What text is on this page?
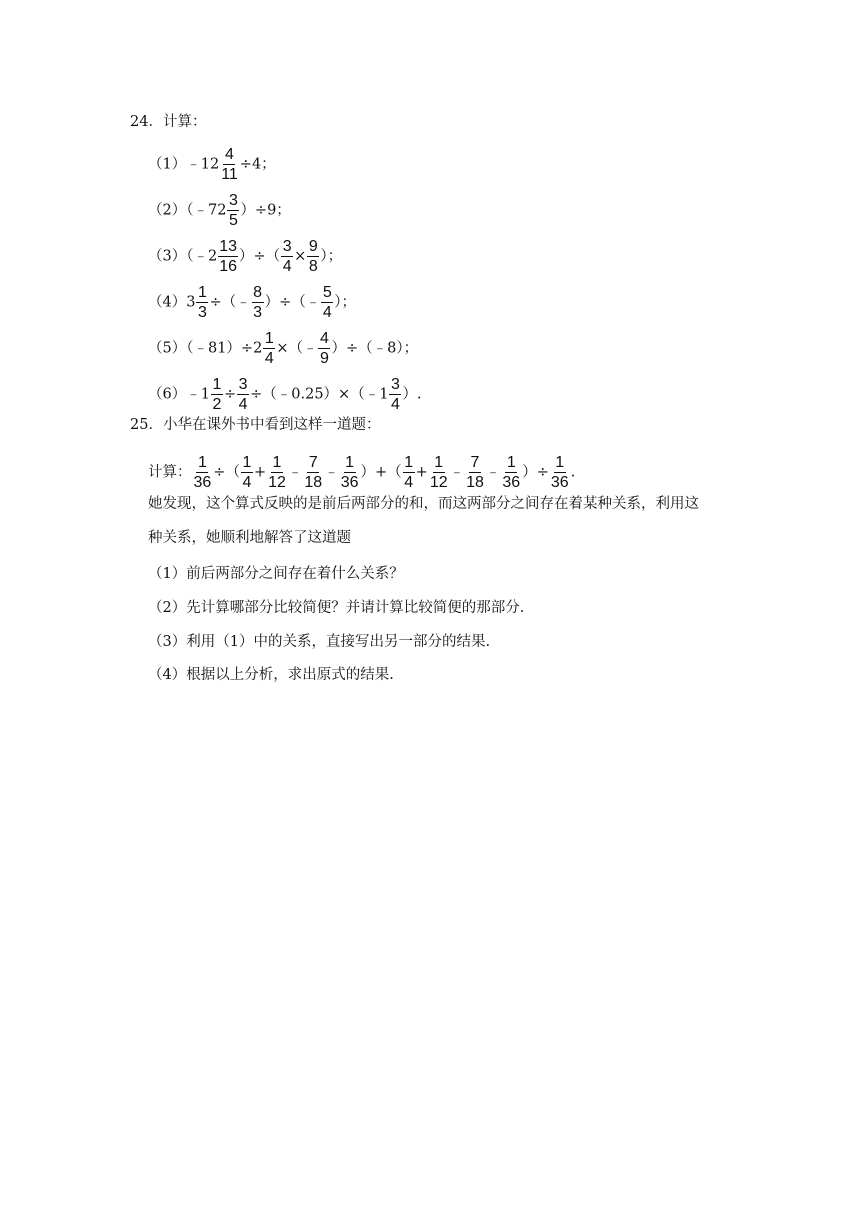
24．计算：
（1）﹣12 $\frac{4}{11} \div 4$；
（2）（﹣72 $\frac{3}{5} )\div 9$；
（3）（﹣2 $\frac{13}{16}$ ）÷（ $\frac{3}{4} \times \frac{9}{8}$ ）；
$(4)3 \frac{1}{3}$ ÷（﹣ $\frac{8}{3}$ ）÷（﹣ $\frac{5}{4}$ ）；
（5）（﹣81）÷2 $\frac{1}{4}$ ×（﹣ $\frac{4}{9}$ ）÷（﹣8）；
（6）﹣1 $\frac{1}{2} \div \frac{3}{4}$ ÷（﹣0.25）×（﹣1 $\frac{3}{4}$ ）.
25．小华在课外书中看到这样一道题：
计算： $\frac{1}{36}$ ÷（ $\frac{1}{4} + \frac{1}{12}$ ﹣ $\frac{7}{18}$ ﹣ $\frac{1}{36}$ ）+（ $\frac{1}{4} + \frac{1}{12}$ ﹣ $\frac{7}{18}$ ﹣ $\frac{1}{36}$ ）÷ $\frac{1}{36}$ .
她发现，这个算式反映的是前后两部分的和，而这两部分之间存在着某种关系，利用这
种关系，她顺利地解答了这道题
（1）前后两部分之间存在着什么关系？
（2）先计算哪部分比较简便？并请计算比较简便的那部分.
（3）利用（1）中的关系，直接写出另一部分的结果.
（4）根据以上分析，求出原式的结果.
